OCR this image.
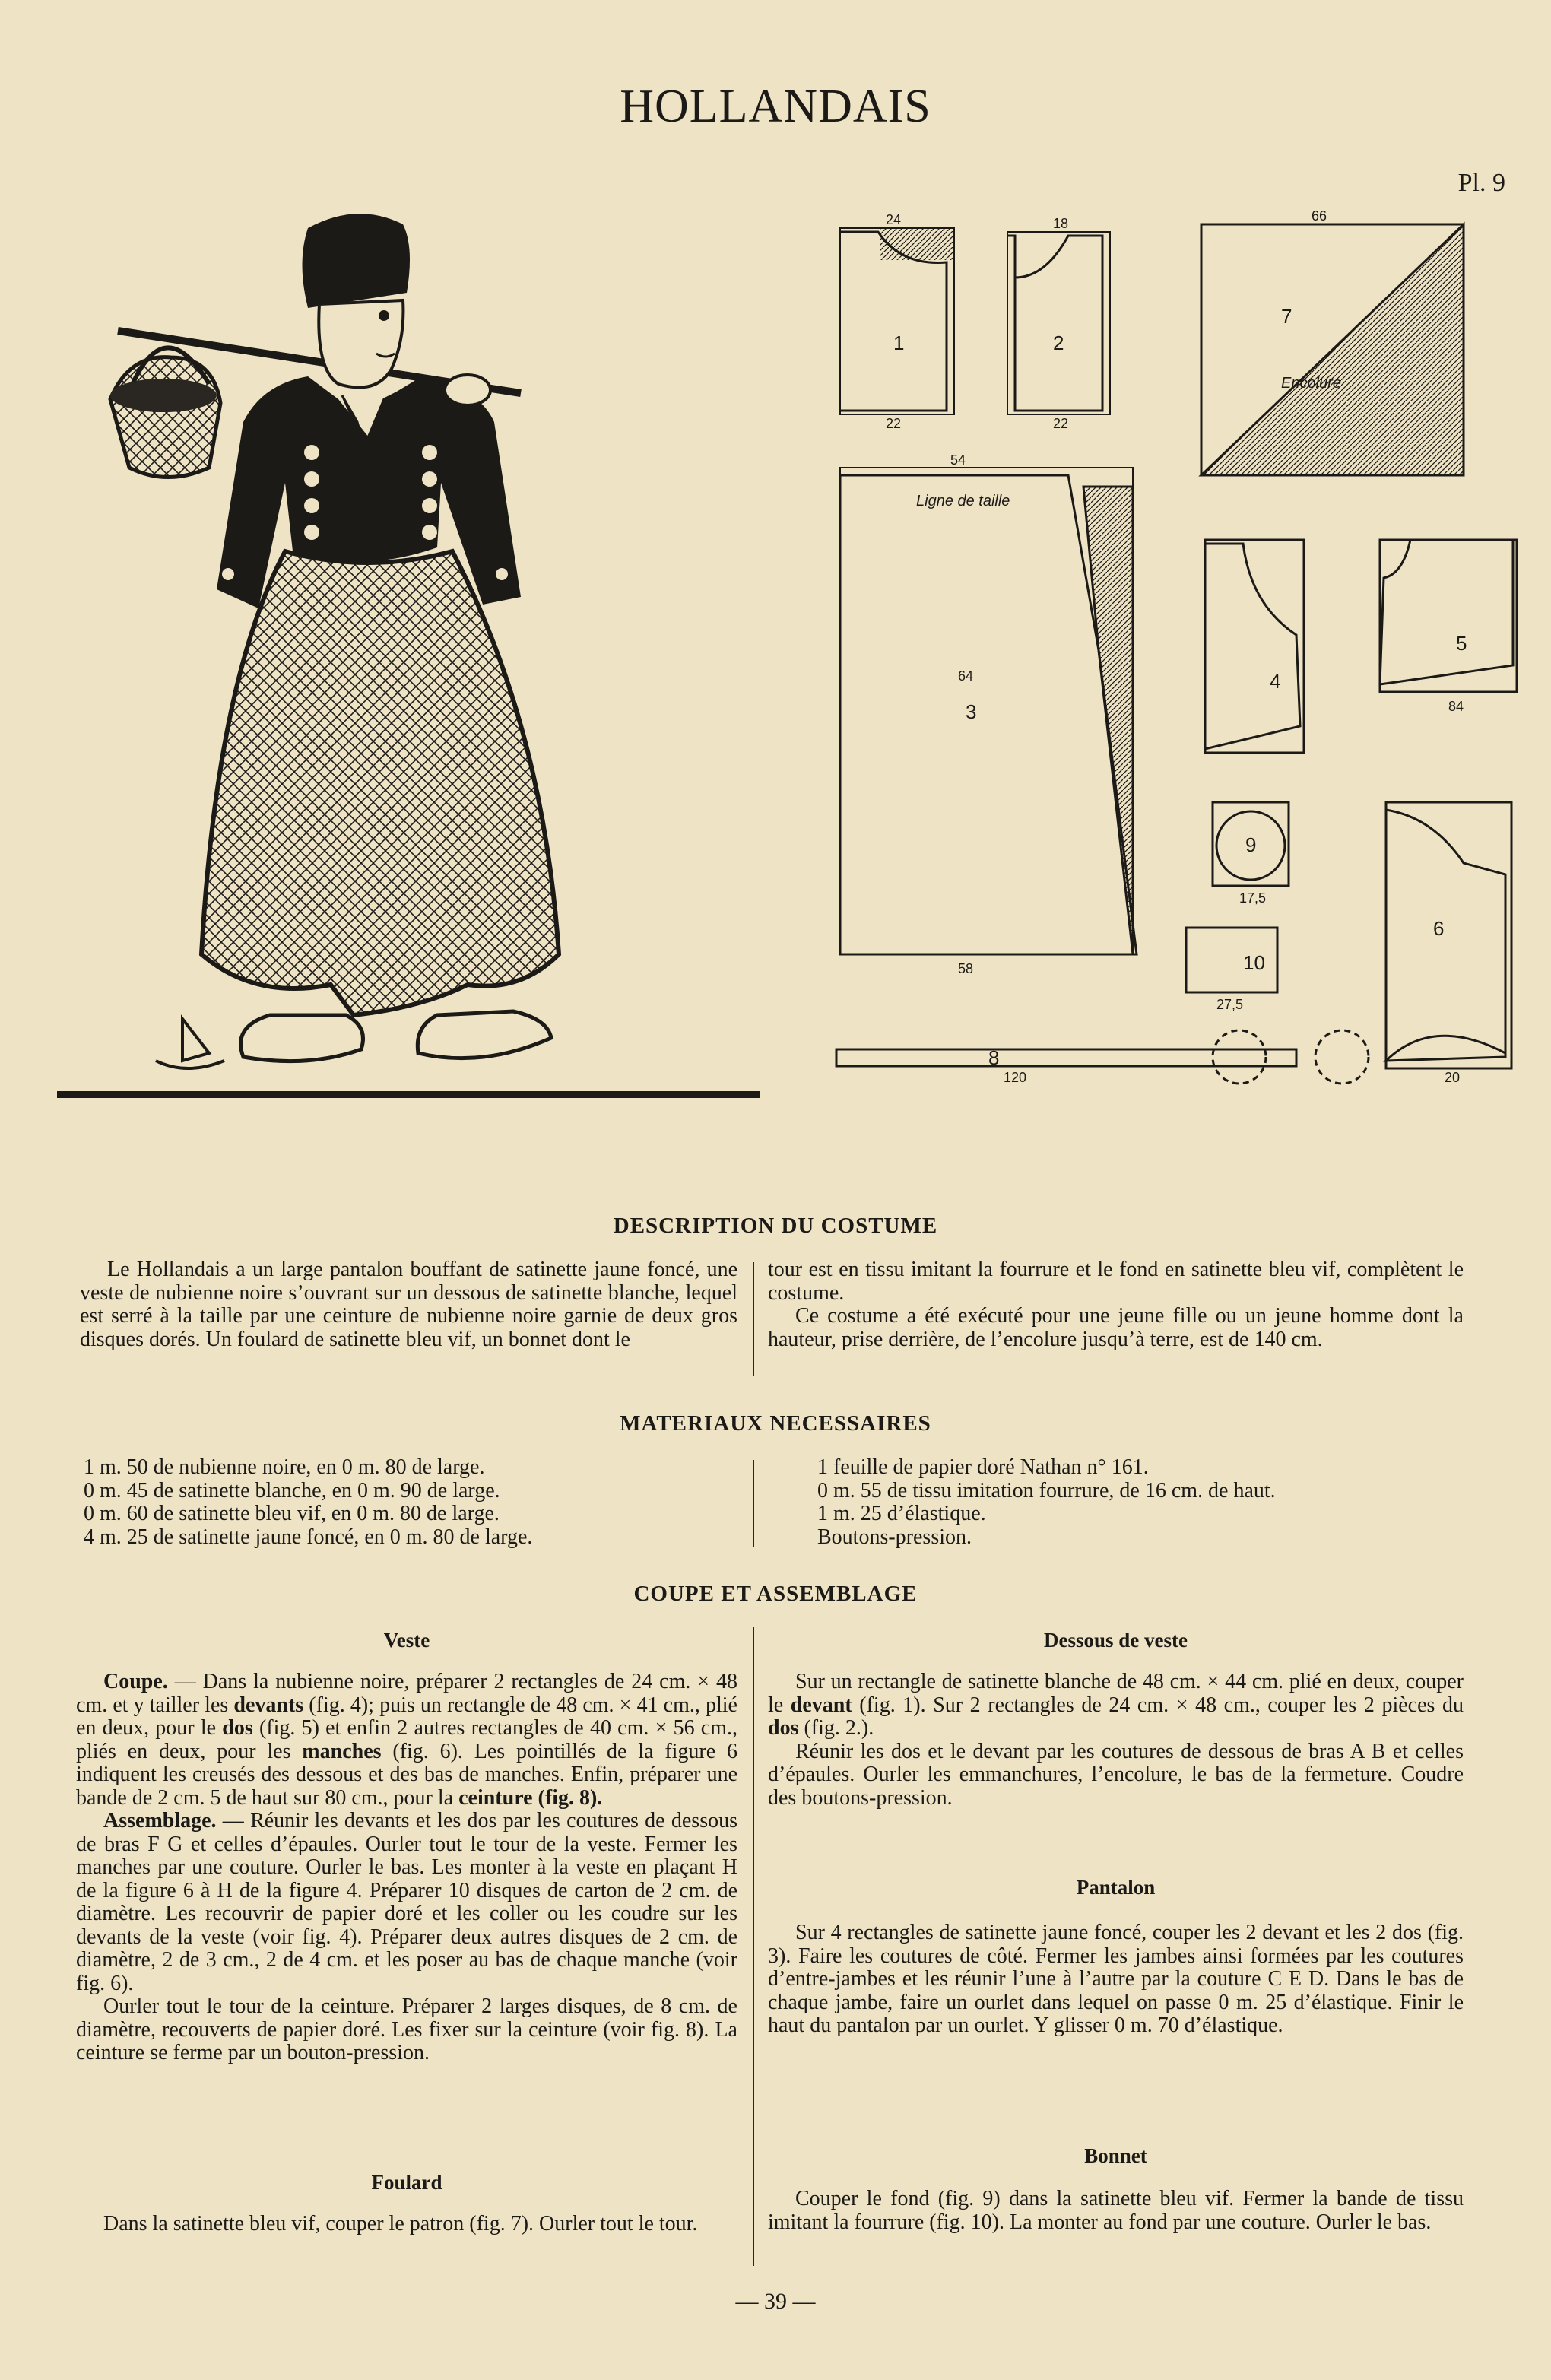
HOLLANDAIS
Pl. 9
1
24
22
2
18
22
7
66
Encolure
3
54
Ligne de taille
64
58
4
5
84
9
17,5
10
27,5
6
20
8
120
DESCRIPTION DU COSTUME

Le Hollandais a un large pantalon bouffant de satinette jaune foncé, une veste de nubienne noire s’ouvrant sur un dessous de satinette blanche, lequel est serré à la taille par une ceinture de nubienne noire garnie de deux gros disques dorés. Un foulard de satinette bleu vif, un bonnet dont le

tour est en tissu imitant la fourrure et le fond en satinette bleu vif, complètent le costume.

Ce costume a été exécuté pour une jeune fille ou un jeune homme dont la hauteur, prise derrière, de l’encolure jusqu’à terre, est de 140 cm.

MATERIAUX NECESSAIRES
1 m. 50 de nubienne noire, en 0 m. 80 de large.
0 m. 45 de satinette blanche, en 0 m. 90 de large.
0 m. 60 de satinette bleu vif, en 0 m. 80 de large.
4 m. 25 de satinette jaune foncé, en 0 m. 80 de large.
1 feuille de papier doré Nathan n° 161.
0 m. 55 de tissu imitation fourrure, de 16 cm. de haut.
1 m. 25 d’élastique.
Boutons-pression.
COUPE ET ASSEMBLAGE
Veste

Coupe. — Dans la nubienne noire, préparer 2 rectangles de 24 cm. × 48 cm. et y tailler les devants (fig. 4); puis un rectangle de 48 cm. × 41 cm., plié en deux, pour le dos (fig. 5) et enfin 2 autres rectangles de 40 cm. × 56 cm., pliés en deux, pour les manches (fig. 6). Les pointillés de la figure 6 indiquent les creusés des dessous et des bas de manches. Enfin, préparer une bande de 2 cm. 5 de haut sur 80 cm., pour la ceinture (fig. 8).

Assemblage. — Réunir les devants et les dos par les coutures de dessous de bras F G et celles d’épaules. Ourler tout le tour de la veste. Fermer les manches par une couture. Ourler le bas. Les monter à la veste en plaçant H de la figure 6 à H de la figure 4. Préparer 10 disques de carton de 2 cm. de diamètre. Les recouvrir de papier doré et les coller ou les coudre sur les devants de la veste (voir fig. 4). Préparer deux autres disques de 2 cm. de diamètre, 2 de 3 cm., 2 de 4 cm. et les poser au bas de chaque manche (voir fig. 6).

Ourler tout le tour de la ceinture. Préparer 2 larges disques, de 8 cm. de diamètre, recouverts de papier doré. Les fixer sur la ceinture (voir fig. 8). La ceinture se ferme par un bouton-pression.

Foulard

Dans la satinette bleu vif, couper le patron (fig. 7). Ourler tout le tour.

Dessous de veste

Sur un rectangle de satinette blanche de 48 cm. × 44 cm. plié en deux, couper le devant (fig. 1). Sur 2 rectangles de 24 cm. × 48 cm., couper les 2 pièces du dos (fig. 2.).

Réunir les dos et le devant par les coutures de dessous de bras A B et celles d’épaules. Ourler les emmanchures, l’encolure, le bas de la fermeture. Coudre des boutons-pression.

Pantalon

Sur 4 rectangles de satinette jaune foncé, couper les 2 devant et les 2 dos (fig. 3). Faire les coutures de côté. Fermer les jambes ainsi formées par les coutures d’entre-jambes et les réunir l’une à l’autre par la couture C E D. Dans le bas de chaque jambe, faire un ourlet dans lequel on passe 0 m. 25 d’élastique. Finir le haut du pantalon par un ourlet. Y glisser 0 m. 70 d’élastique.

Bonnet

Couper le fond (fig. 9) dans la satinette bleu vif. Fermer la bande de tissu imitant la fourrure (fig. 10). La monter au fond par une couture. Ourler le bas.

— 39 —
